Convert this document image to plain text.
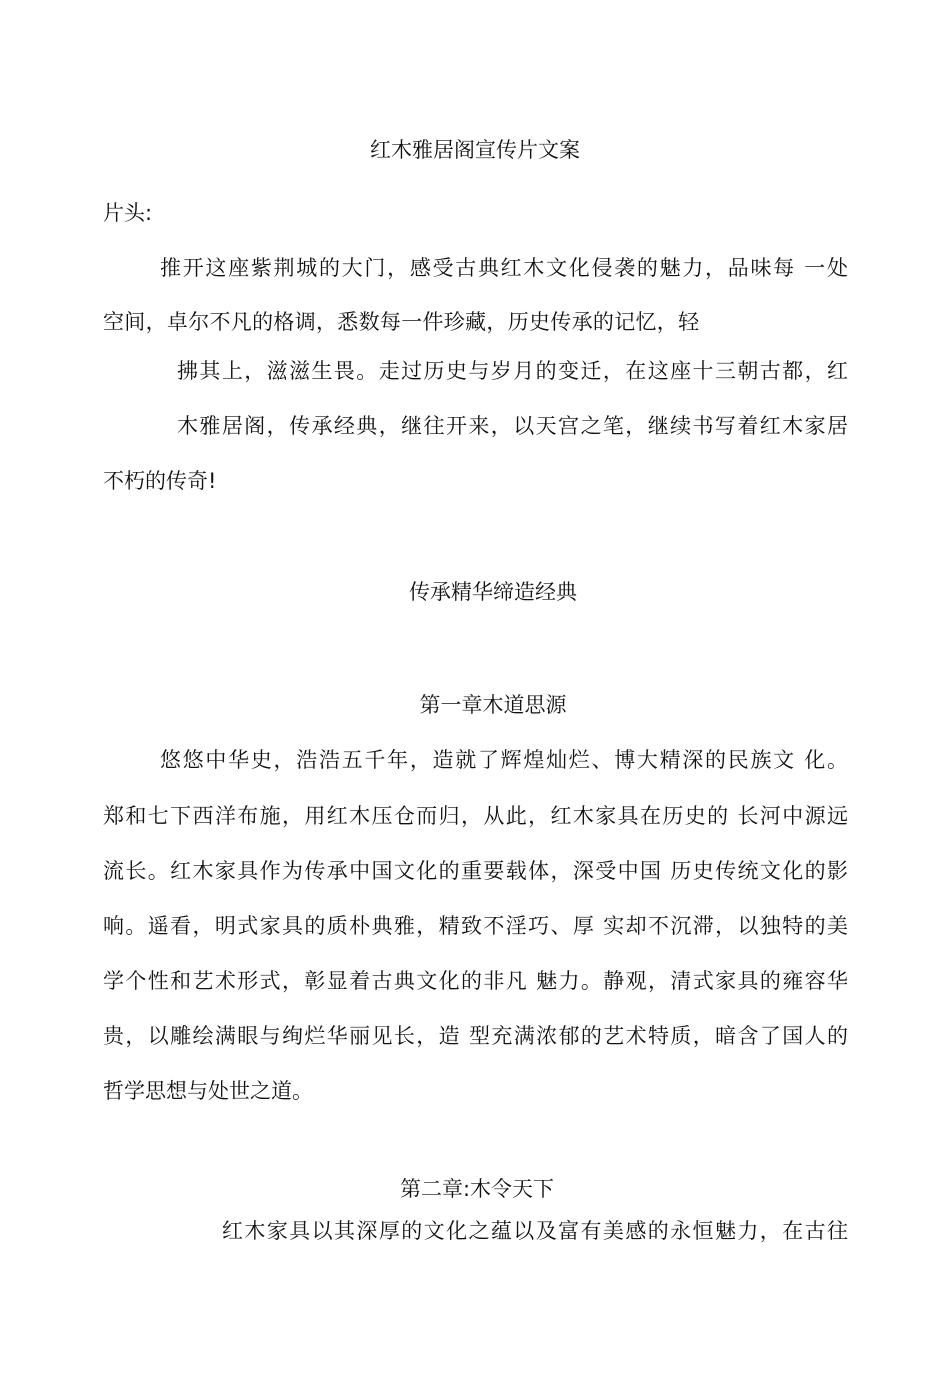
红木雅居阁宣传片文案

片头:

推开这座紫荆城的大门，感受古典红木文化侵袭的魅力，品味每 一处

空间，卓尔不凡的格调，悉数每一件珍藏，历史传承的记忆，轻

拂其上，滋滋生畏。走过历史与岁月的变迁，在这座十三朝古都，红

木雅居阁，传承经典，继往开来，以天宫之笔，继续书写着红木家居

不朽的传奇!

传承精华缔造经典

第一章木道思源

悠悠中华史，浩浩五千年，造就了辉煌灿烂、博大精深的民族文 化。

郑和七下西洋布施，用红木压仓而归，从此，红木家具在历史的 长河中源远

流长。红木家具作为传承中国文化的重要载体，深受中国 历史传统文化的影

响。遥看，明式家具的质朴典雅，精致不淫巧、厚 实却不沉滞，以独特的美

学个性和艺术形式，彰显着古典文化的非凡 魅力。静观，清式家具的雍容华

贵，以雕绘满眼与绚烂华丽见长，造 型充满浓郁的艺术特质，暗含了国人的

哲学思想与处世之道。

第二章:木令天下

红木家具以其深厚的文化之蕴以及富有美感的永恒魅力，在古往
